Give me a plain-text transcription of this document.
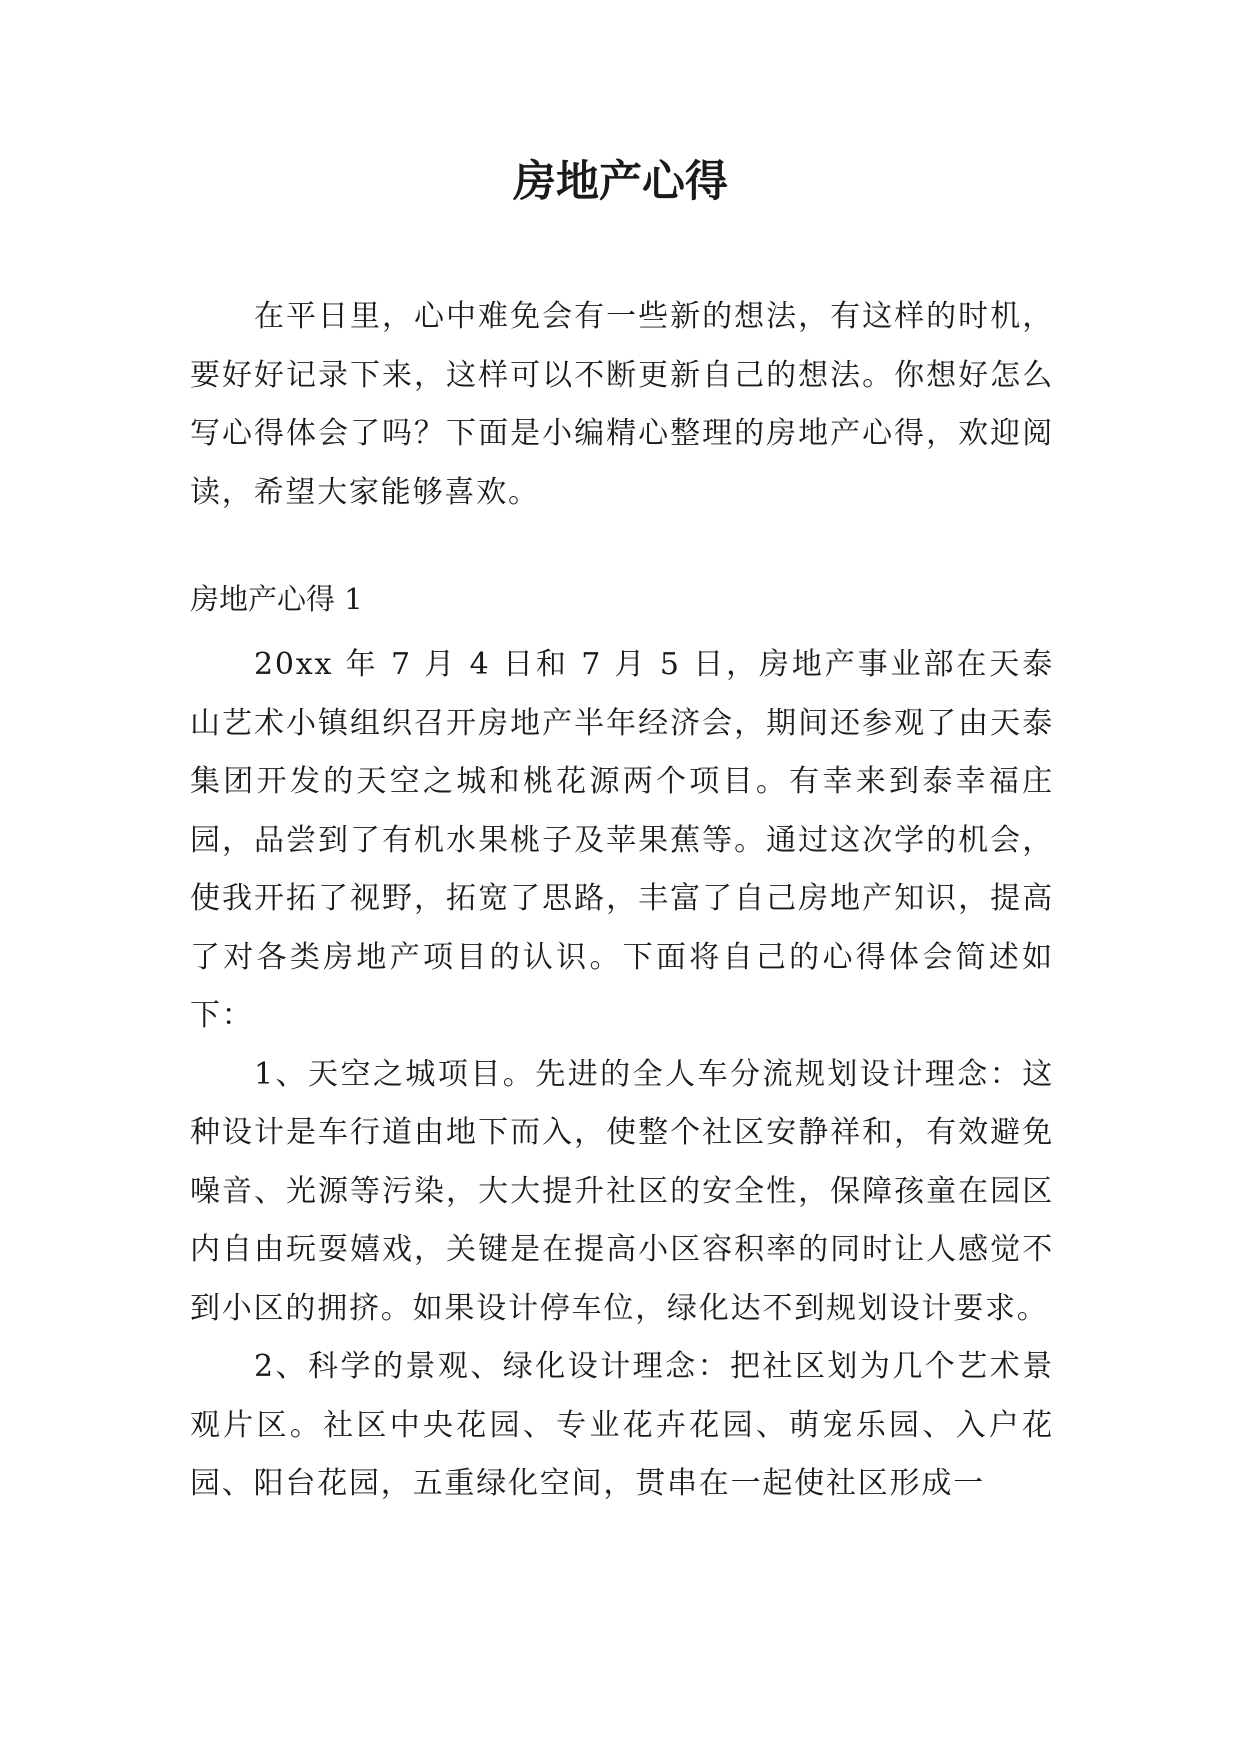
房地产心得

在平日里，心中难免会有一些新的想法，有这样的时机，要好好记录下来，这样可以不断更新自己的想法。你想好怎么写心得体会了吗？下面是小编精心整理的房地产心得，欢迎阅读，希望大家能够喜欢。

房地产心得 1

20xx 年 7 月 4 日和 7 月 5 日，房地产事业部在天泰山艺术小镇组织召开房地产半年经济会，期间还参观了由天泰集团开发的天空之城和桃花源两个项目。有幸来到泰幸福庄园，品尝到了有机水果桃子及苹果蕉等。通过这次学的机会，使我开拓了视野，拓宽了思路，丰富了自己房地产知识，提高了对各类房地产项目的认识。下面将自己的心得体会简述如下：

1、天空之城项目。先进的全人车分流规划设计理念：这种设计是车行道由地下而入，使整个社区安静祥和，有效避免噪音、光源等污染，大大提升社区的安全性，保障孩童在园区内自由玩耍嬉戏，关键是在提高小区容积率的同时让人感觉不到小区的拥挤。如果设计停车位，绿化达不到规划设计要求。

2、科学的景观、绿化设计理念：把社区划为几个艺术景观片区。社区中央花园、专业花卉花园、萌宠乐园、入户花园、阳台花园，五重绿化空间，贯串在一起使社区形成一
